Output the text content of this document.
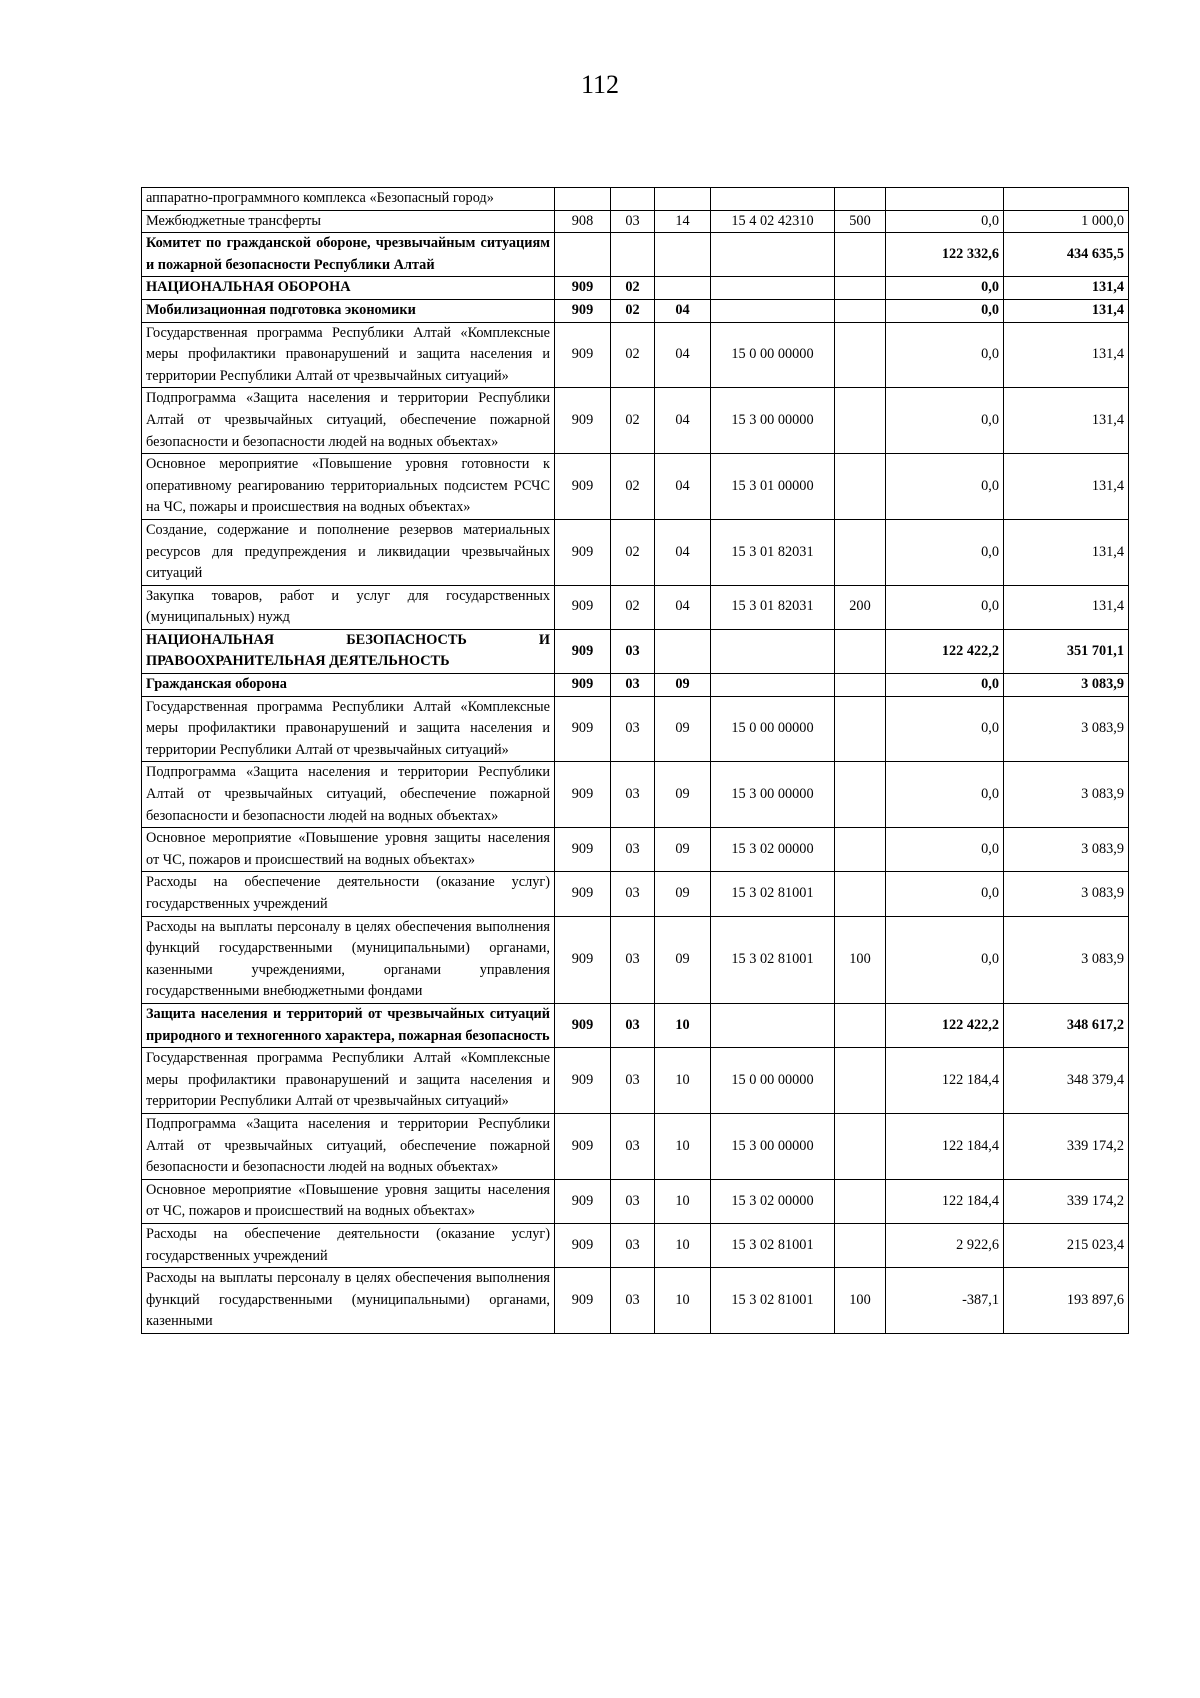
112
аппаратно-программного комплекса «Безопасный город»							
Межбюджетные трансферты	908	03	14	15 4 02 42310	500	0,0	1 000,0
Комитет по гражданской обороне, чрезвычайным ситуациям и пожарной безопасности Республики Алтай						122 332,6	434 635,5
НАЦИОНАЛЬНАЯ ОБОРОНА	909	02				0,0	131,4
Мобилизационная подготовка экономики	909	02	04			0,0	131,4
Государственная программа Республики Алтай «Комплексные меры профилактики правонарушений и защита населения и территории Республики Алтай от чрезвычайных ситуаций»	909	02	04	15 0 00 00000		0,0	131,4
Подпрограмма «Защита населения и территории Республики Алтай от чрезвычайных ситуаций, обеспечение пожарной безопасности и безопасности людей на водных объектах»	909	02	04	15 3 00 00000		0,0	131,4
Основное мероприятие «Повышение уровня готовности к оперативному реагированию территориальных подсистем РСЧС на ЧС, пожары и происшествия на водных объектах»	909	02	04	15 3 01 00000		0,0	131,4
Создание, содержание и пополнение резервов материальных ресурсов для предупреждения и ликвидации чрезвычайных ситуаций	909	02	04	15 3 01 82031		0,0	131,4
Закупка товаров, работ и услуг для государственных (муниципальных) нужд	909	02	04	15 3 01 82031	200	0,0	131,4
НАЦИОНАЛЬНАЯ БЕЗОПАСНОСТЬ И ПРАВООХРАНИТЕЛЬНАЯ ДЕЯТЕЛЬНОСТЬ	909	03				122 422,2	351 701,1
Гражданская оборона	909	03	09			0,0	3 083,9
Государственная программа Республики Алтай «Комплексные меры профилактики правонарушений и защита населения и территории Республики Алтай от чрезвычайных ситуаций»	909	03	09	15 0 00 00000		0,0	3 083,9
Подпрограмма «Защита населения и территории Республики Алтай от чрезвычайных ситуаций, обеспечение пожарной безопасности и безопасности людей на водных объектах»	909	03	09	15 3 00 00000		0,0	3 083,9
Основное мероприятие «Повышение уровня защиты населения от ЧС, пожаров и происшествий на водных объектах»	909	03	09	15 3 02 00000		0,0	3 083,9
Расходы на обеспечение деятельности (оказание услуг) государственных учреждений	909	03	09	15 3 02 81001		0,0	3 083,9
Расходы на выплаты персоналу в целях обеспечения выполнения функций государственными (муниципальными) органами, казенными учреждениями, органами управления государственными внебюджетными фондами	909	03	09	15 3 02 81001	100	0,0	3 083,9
Защита населения и территорий от чрезвычайных ситуаций природного и техногенного характера, пожарная безопасность	909	03	10			122 422,2	348 617,2
Государственная программа Республики Алтай «Комплексные меры профилактики правонарушений и защита населения и территории Республики Алтай от чрезвычайных ситуаций»	909	03	10	15 0 00 00000		122 184,4	348 379,4
Подпрограмма «Защита населения и территории Республики Алтай от чрезвычайных ситуаций, обеспечение пожарной безопасности и безопасности людей на водных объектах»	909	03	10	15 3 00 00000		122 184,4	339 174,2
Основное мероприятие «Повышение уровня защиты населения от ЧС, пожаров и происшествий на водных объектах»	909	03	10	15 3 02 00000		122 184,4	339 174,2
Расходы на обеспечение деятельности (оказание услуг) государственных учреждений	909	03	10	15 3 02 81001		2 922,6	215 023,4
Расходы на выплаты персоналу в целях обеспечения выполнения функций государственными (муниципальными) органами, казенными	909	03	10	15 3 02 81001	100	-387,1	193 897,6
